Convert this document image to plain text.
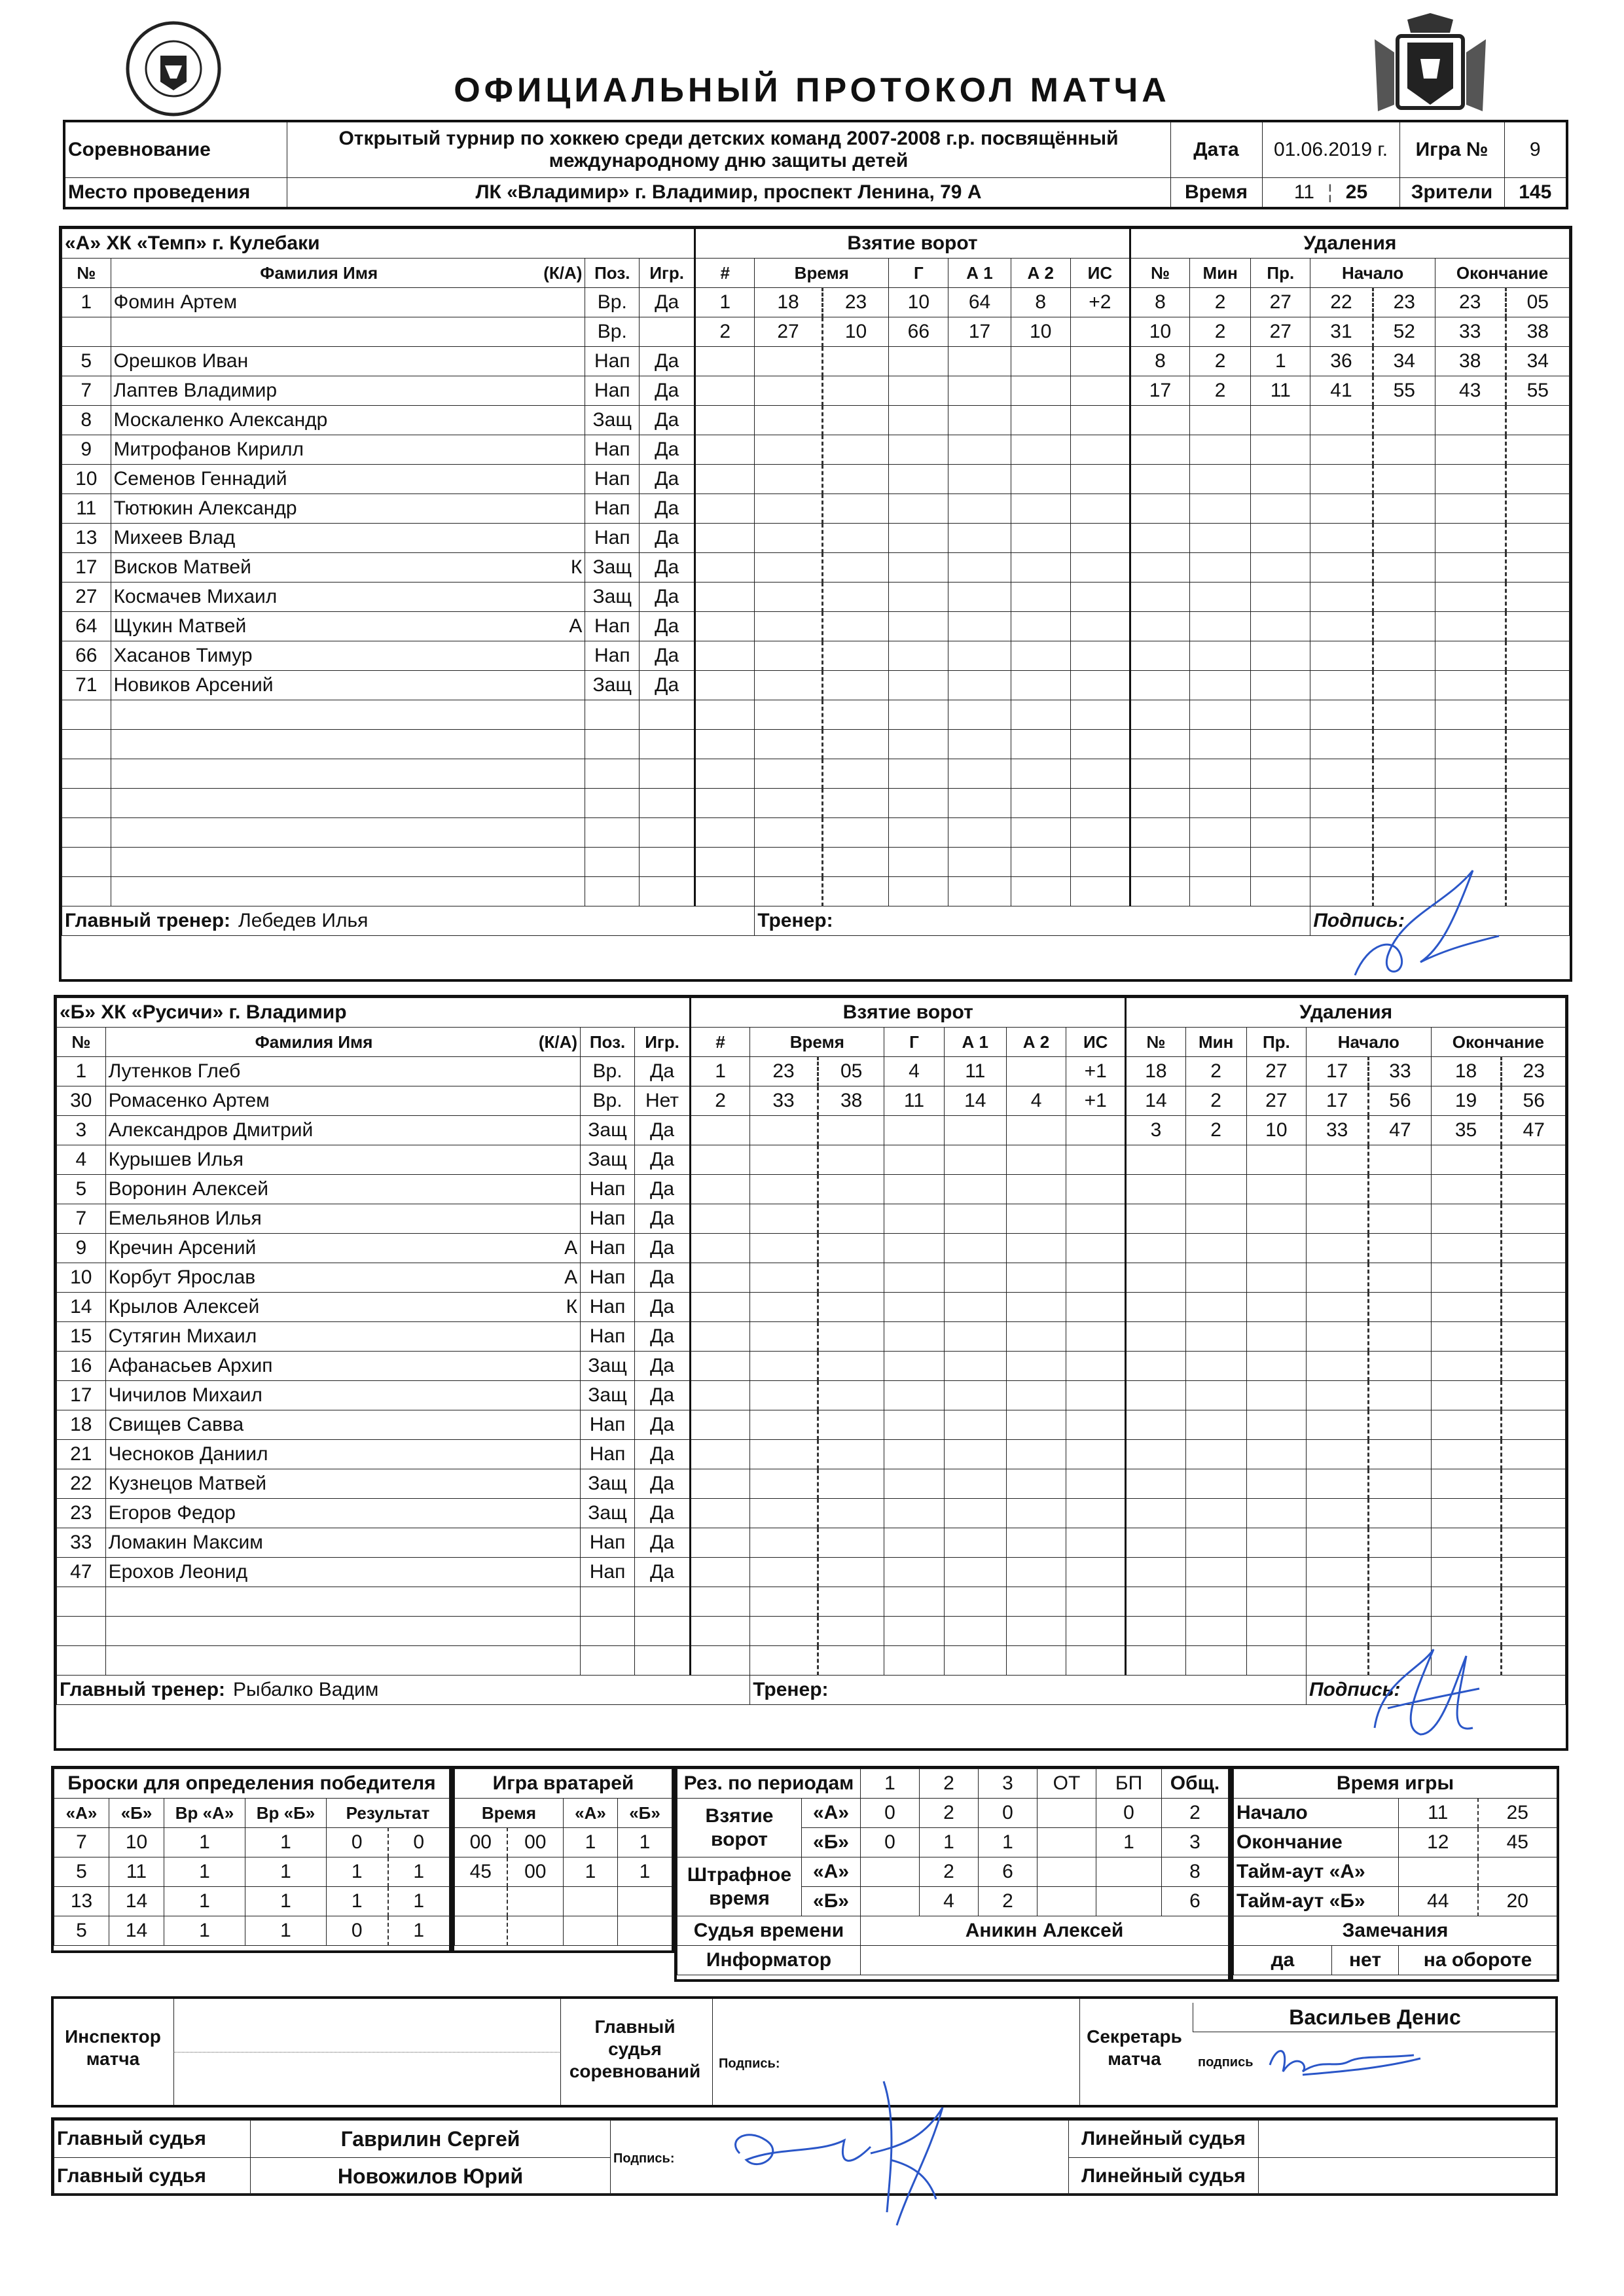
ОФИЦИАЛЬНЫЙ ПРОТОКОЛ МАТЧА
Соревнование	Открытый турнир по хоккею среди детских команд 2007-2008 г.р. посвящённый
международному дню защиты детей	Дата	01.06.2019 г.	Игра №	9
Место проведения	ЛК «Владимир» г. Владимир, проспект Ленина, 79 А	Время	11 ¦ 25	Зрители	145
«А» ХК «Темп» г. Кулебаки					Взятие ворот							Удаления						
№	Фамилия Имя	(К/А)	Поз.	Игр.	#	Время		Г	А 1	А 2	ИС	№	Мин	Пр.	Начало		Окончание	
1	Фомин Артем		Вр.	Да	1	18	23	10	64	8	+2	8	2	27	22	23	23	05
			Вр.		2	27	10	66	17	10		10	2	27	31	52	33	38
5	Орешков Иван		Нап	Да								8	2	1	36	34	38	34
7	Лаптев Владимир		Нап	Да								17	2	11	41	55	43	55
8	Москаленко Александр		Защ	Да														
9	Митрофанов Кирилл		Нап	Да														
10	Семенов Геннадий		Нап	Да														
11	Тютюкин Александр		Нап	Да														
13	Михеев Влад		Нап	Да														
17	Висков Матвей	К	Защ	Да														
27	Космачев Михаил		Защ	Да														
64	Щукин Матвей	А	Нап	Да														
66	Хасанов Тимур		Нап	Да														
71	Новиков Арсений		Защ	Да														

Главный тренер: Лебедев Илья						Тренер:									Подпись:			
«Б» ХК «Русичи» г. Владимир					Взятие ворот							Удаления						
№	Фамилия Имя	(К/А)	Поз.	Игр.	#	Время		Г	А 1	А 2	ИС	№	Мин	Пр.	Начало		Окончание	
1	Лутенков Глеб		Вр.	Да	1	23	05	4	11		+1	18	2	27	17	33	18	23
30	Ромасенко Артем		Вр.	Нет	2	33	38	11	14	4	+1	14	2	27	17	56	19	56
3	Александров Дмитрий		Защ	Да								3	2	10	33	47	35	47
4	Курышев Илья		Защ	Да														
5	Воронин Алексей		Нап	Да														
7	Емельянов Илья		Нап	Да														
9	Кречин Арсений	А	Нап	Да														
10	Корбут Ярослав	А	Нап	Да														
14	Крылов Алексей	К	Нап	Да														
15	Сутягин Михаил		Нап	Да														
16	Афанасьев Архип		Защ	Да														
17	Чичилов Михаил		Защ	Да														
18	Свищев Савва		Нап	Да														
21	Чесноков Даниил		Нап	Да														
22	Кузнецов Матвей		Защ	Да														
23	Егоров Федор		Защ	Да														
33	Ломакин Максим		Нап	Да														
47	Ерохов Леонид		Нап	Да														

Главный тренер: Рыбалко Вадим						Тренер:									Подпись:			
Броски для определения победителя					
«А»	«Б»	Вр «А»	Вр «Б»	Результат	
7	10	1	1	0	0
5	11	1	1	1	1
13	14	1	1	1	1
5	14	1	1	0	1
Игра вратарей			
Время		«А»	«Б»
00	00	1	1
45	00	1	1

Рез. по периодам		1	2	3	ОТ	БП	Общ.

Взятие
ворот	«А»	0	2	0		0	2
	«Б»	0	1	1		1	3

Штрафное
время	«А»		2	6			8
	«Б»		4	2			6
Судья времени		Аникин Алексей					
Информатор							
Время игры			
Начало		11	25
Окончание		12	45
Тайм-аут «А»			
Тайм-аут «Б»		44	20
Замечания			
да	нет	на обороте	
Инспектор
матча
Главный
судья
соревнований	Подпись:
Секретарь
матча
Васильев Денис
подпись
Главный судья	Гаврилин Сергей	Подпись:	Линейный судья	
Главный судья	Новожилов Юрий		Линейный судья	
